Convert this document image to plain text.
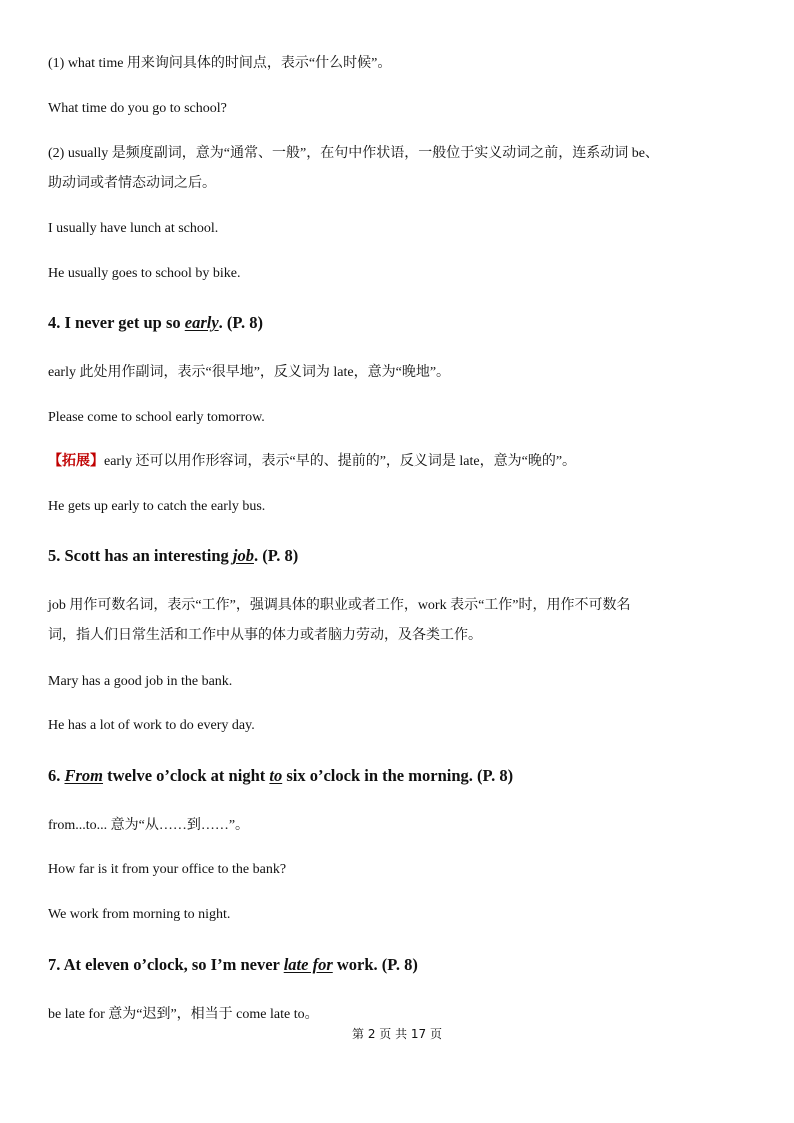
(1) what time 用来询问具体的时间点，表示“什么时候”。
What time do you go to school?
(2) usually 是频度副词，意为“通常、一般”，在句中作状语，一般位于实义动词之前，连系动词 be、
助动词或者情态动词之后。
I usually have lunch at school.
He usually goes to school by bike.
4. I never get up so early. (P. 8)
early 此处用作副词，表示“很早地”，反义词为 late，意为“晚地”。
Please come to school early tomorrow.
【拓展】early 还可以用作形容词，表示“早的、提前的”，反义词是 late，意为“晚的”。
He gets up early to catch the early bus.
5. Scott has an interesting job. (P. 8)
job 用作可数名词，表示“工作”，强调具体的职业或者工作，work 表示“工作”时，用作不可数名
词，指人们日常生活和工作中从事的体力或者脑力劳动，及各类工作。
Mary has a good job in the bank.
He has a lot of work to do every day.
6. From twelve o’clock at night to six o’clock in the morning. (P. 8)
from...to... 意为“从……到……”。
How far is it from your office to the bank?
We work from morning to night.
7. At eleven o’clock, so I’m never late for work. (P. 8)
be late for 意为“迟到”，相当于 come late to。
第 2 页 共 17 页
